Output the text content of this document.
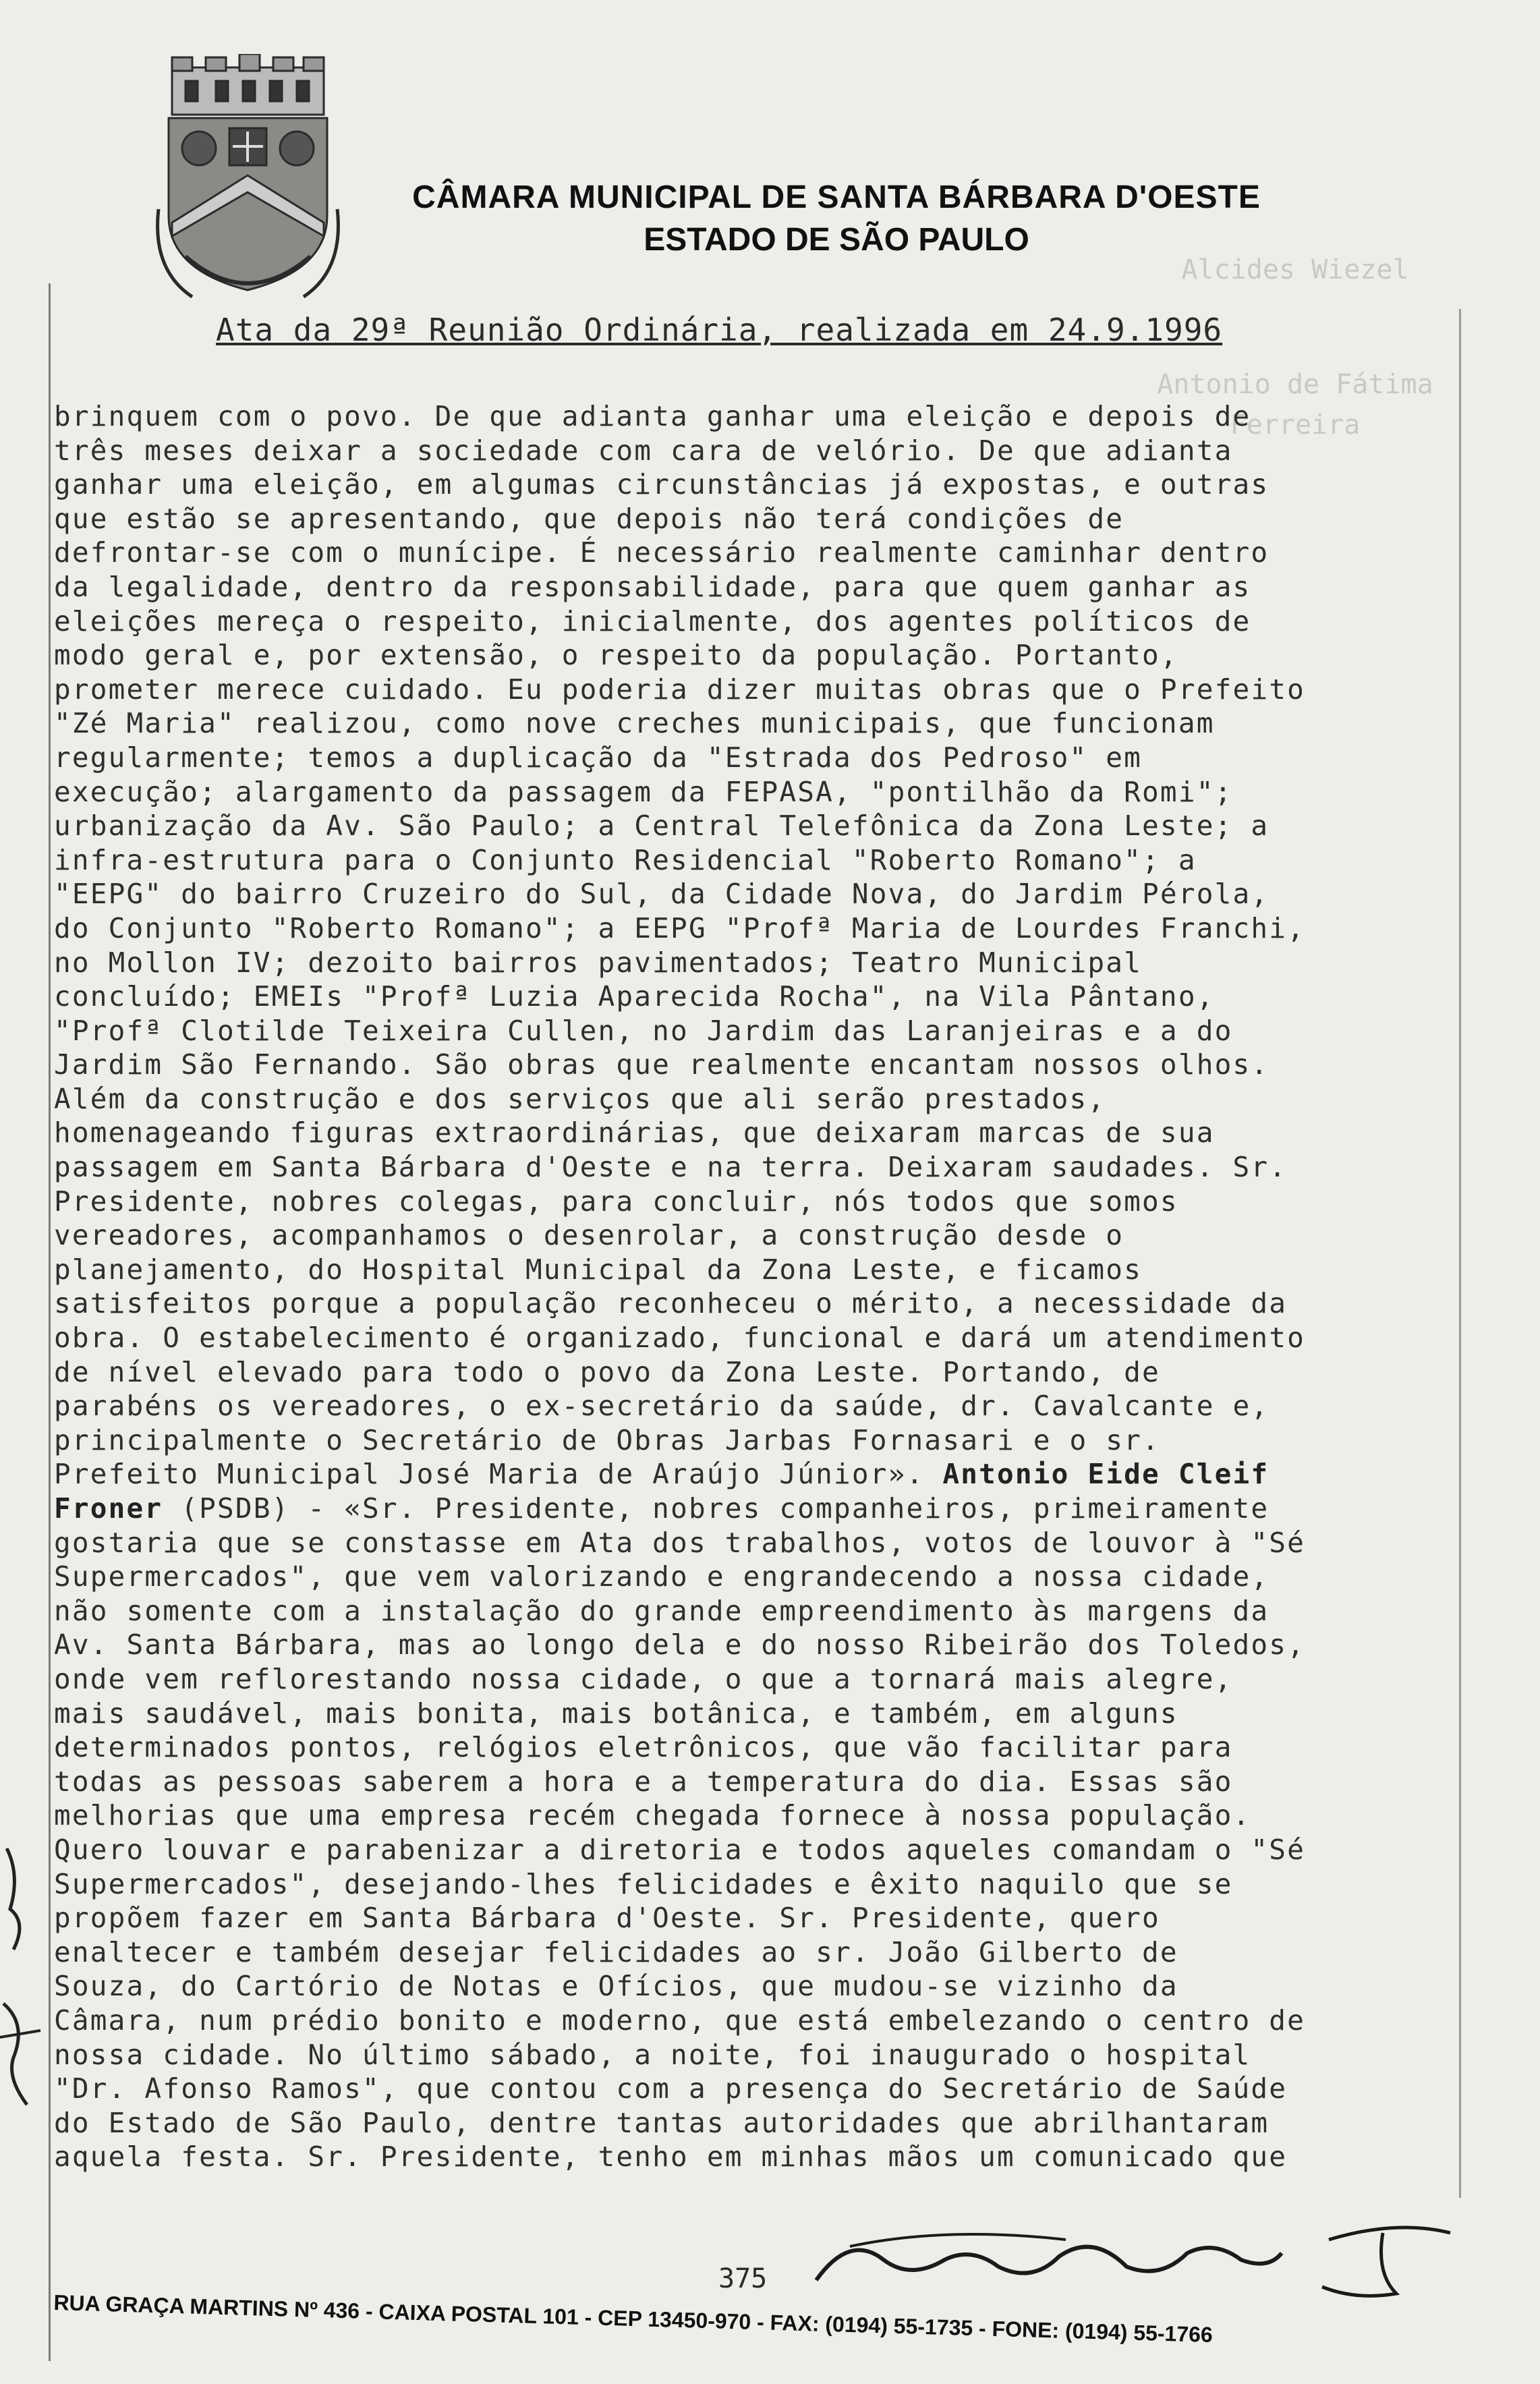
CÂMARA MUNICIPAL DE SANTA BÁRBARA D'OESTE
ESTADO DE SÃO PAULO
Alcides Wiezel
Antonio de Fátima Ferreira
Ata da 29ª Reunião Ordinária, realizada em 24.9.1996
brinquem com o povo. De que adianta ganhar uma eleição e depois de
três meses deixar a sociedade com cara de velório. De que adianta
ganhar uma eleição, em algumas circunstâncias já expostas, e outras
que estão se apresentando, que depois não terá condições de
defrontar-se com o munícipe. É necessário realmente caminhar dentro
da legalidade, dentro da responsabilidade, para que quem ganhar as
eleições mereça o respeito, inicialmente, dos agentes políticos de
modo geral e, por extensão, o respeito da população. Portanto,
prometer merece cuidado. Eu poderia dizer muitas obras que o Prefeito
"Zé Maria" realizou, como nove creches municipais, que funcionam
regularmente; temos a duplicação da "Estrada dos Pedroso" em
execução; alargamento da passagem da FEPASA, "pontilhão da Romi";
urbanização da Av. São Paulo; a Central Telefônica da Zona Leste; a
infra-estrutura para o Conjunto Residencial "Roberto Romano"; a
"EEPG" do bairro Cruzeiro do Sul, da Cidade Nova, do Jardim Pérola,
do Conjunto "Roberto Romano"; a EEPG "Profª Maria de Lourdes Franchi,
no Mollon IV; dezoito bairros pavimentados; Teatro Municipal
concluído; EMEIs "Profª Luzia Aparecida Rocha", na Vila Pântano,
"Profª Clotilde Teixeira Cullen, no Jardim das Laranjeiras e a do
Jardim São Fernando. São obras que realmente encantam nossos olhos.
Além da construção e dos serviços que ali serão prestados,
homenageando figuras extraordinárias, que deixaram marcas de sua
passagem em Santa Bárbara d'Oeste e na terra. Deixaram saudades. Sr.
Presidente, nobres colegas, para concluir, nós todos que somos
vereadores, acompanhamos o desenrolar, a construção desde o
planejamento, do Hospital Municipal da Zona Leste, e ficamos
satisfeitos porque a população reconheceu o mérito, a necessidade da
obra. O estabelecimento é organizado, funcional e dará um atendimento
de nível elevado para todo o povo da Zona Leste. Portando, de
parabéns os vereadores, o ex-secretário da saúde, dr. Cavalcante e,
principalmente o Secretário de Obras Jarbas Fornasari e o sr.
Prefeito Municipal José Maria de Araújo Júnior». Antonio Eide Cleif
Froner (PSDB) - «Sr. Presidente, nobres companheiros, primeiramente
gostaria que se constasse em Ata dos trabalhos, votos de louvor à "Sé
Supermercados", que vem valorizando e engrandecendo a nossa cidade,
não somente com a instalação do grande empreendimento às margens da
Av. Santa Bárbara, mas ao longo dela e do nosso Ribeirão dos Toledos,
onde vem reflorestando nossa cidade, o que a tornará mais alegre,
mais saudável, mais bonita, mais botânica, e também, em alguns
determinados pontos, relógios eletrônicos, que vão facilitar para
todas as pessoas saberem a hora e a temperatura do dia. Essas são
melhorias que uma empresa recém chegada fornece à nossa população.
Quero louvar e parabenizar a diretoria e todos aqueles comandam o "Sé
Supermercados", desejando-lhes felicidades e êxito naquilo que se
propõem fazer em Santa Bárbara d'Oeste. Sr. Presidente, quero
enaltecer e também desejar felicidades ao sr. João Gilberto de
Souza, do Cartório de Notas e Ofícios, que mudou-se vizinho da
Câmara, num prédio bonito e moderno, que está embelezando o centro de
nossa cidade. No último sábado, a noite, foi inaugurado o hospital
"Dr. Afonso Ramos", que contou com a presença do Secretário de Saúde
do Estado de São Paulo, dentre tantas autoridades que abrilhantaram
aquela festa. Sr. Presidente, tenho em minhas mãos um comunicado que
375
RUA GRAÇA MARTINS Nº 436 - CAIXA POSTAL 101 - CEP 13450-970 - FAX: (0194) 55-1735 - FONE: (0194) 55-1766
